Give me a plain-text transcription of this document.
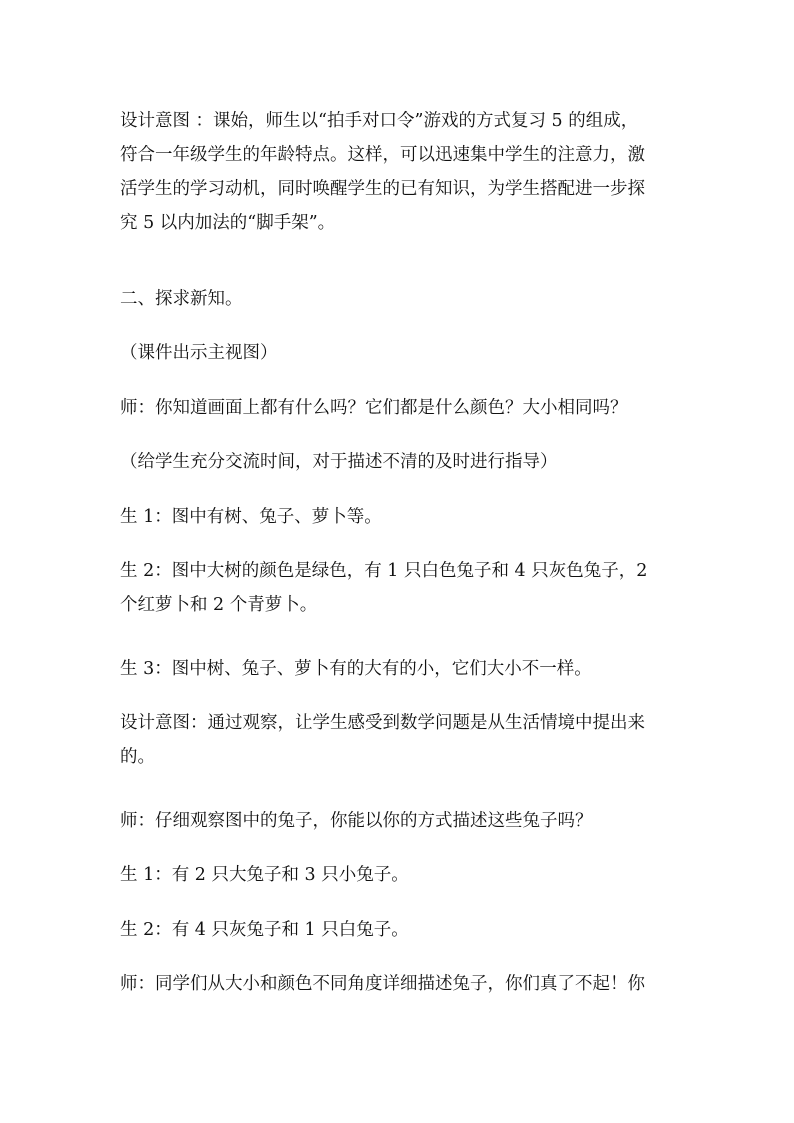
设计意图 ：课始，师生以“拍手对口令”游戏的方式复习 5 的组成，
符合一年级学生的年龄特点。这样，可以迅速集中学生的注意力，激
活学生的学习动机，同时唤醒学生的已有知识，为学生搭配进一步探
究 5 以内加法的“脚手架”。

二、探求新知。

（课件出示主视图）

师：你知道画面上都有什么吗？它们都是什么颜色？大小相同吗？

（给学生充分交流时间，对于描述不清的及时进行指导）

生 1：图中有树、兔子、萝卜等。

生 2：图中大树的颜色是绿色，有 1 只白色兔子和 4 只灰色兔子，2
个红萝卜和 2 个青萝卜。

生 3：图中树、兔子、萝卜有的大有的小，它们大小不一样。

设计意图：通过观察，让学生感受到数学问题是从生活情境中提出来
的。

师：仔细观察图中的兔子，你能以你的方式描述这些兔子吗？

生 1：有 2 只大兔子和 3 只小兔子。

生 2：有 4 只灰兔子和 1 只白兔子。

师：同学们从大小和颜色不同角度详细描述兔子，你们真了不起！你
